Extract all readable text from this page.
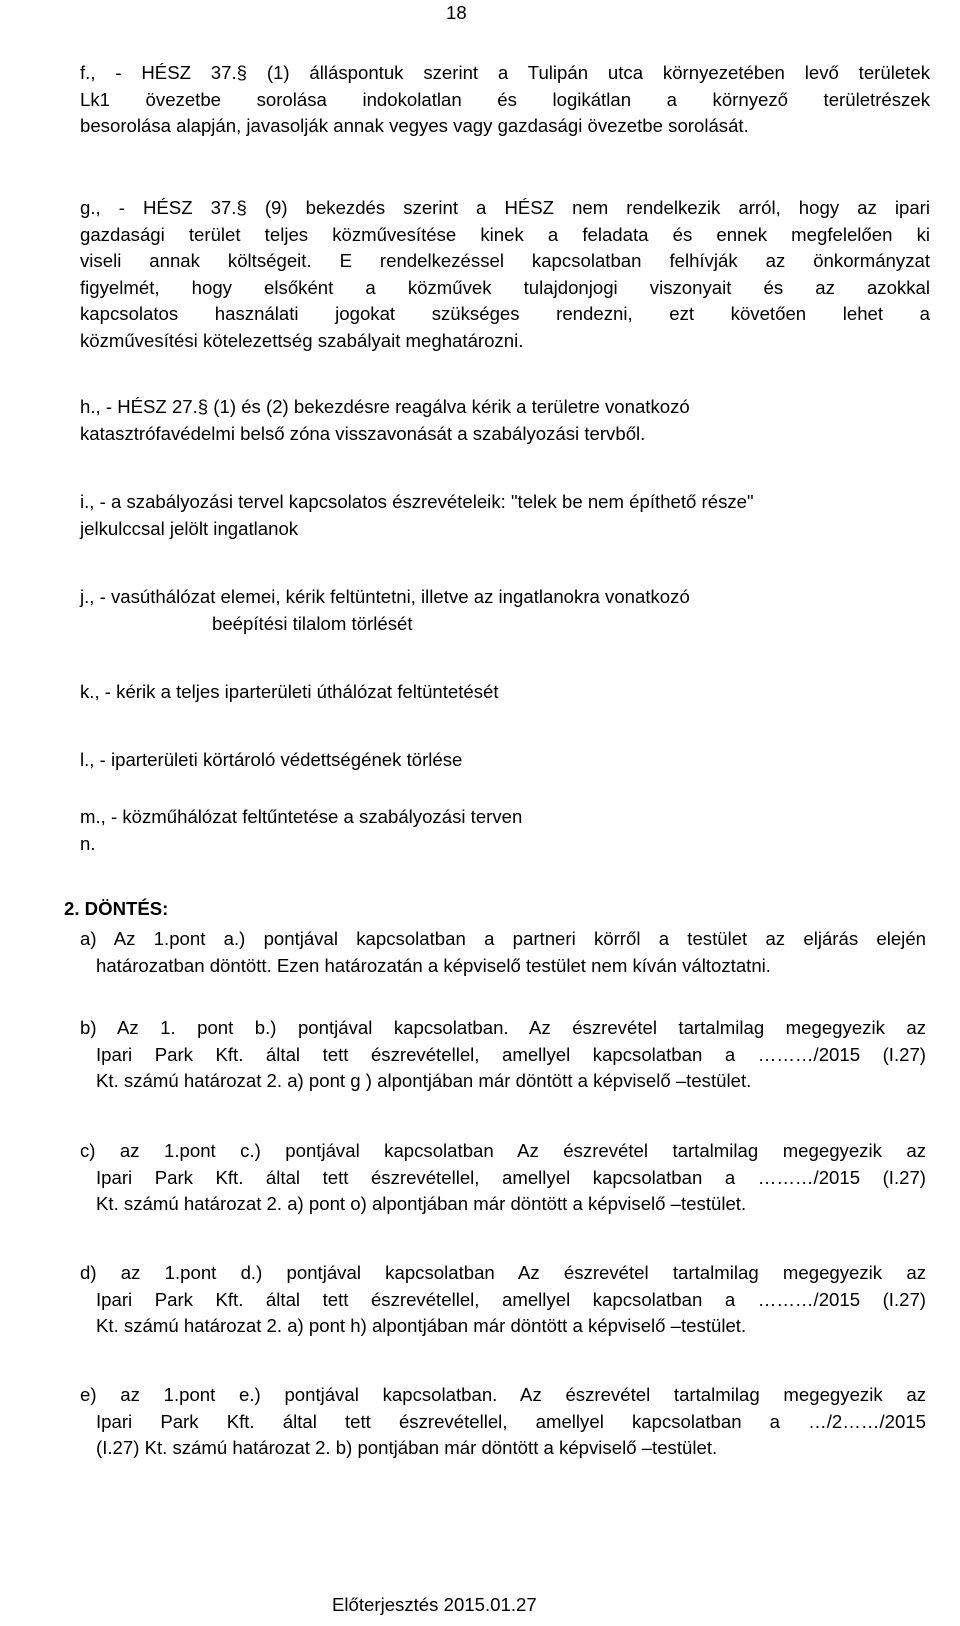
18
f., - HÉSZ 37.§ (1) álláspontuk szerint a Tulipán utca környezetében levő területek
Lk1 övezetbe sorolása indokolatlan és logikátlan a környező területrészek
besorolása alapján, javasolják annak vegyes vagy gazdasági övezetbe sorolását.
g., - HÉSZ 37.§ (9) bekezdés szerint a HÉSZ nem rendelkezik arról, hogy az ipari
gazdasági terület teljes közművesítése kinek a feladata és ennek megfelelően ki
viseli annak költségeit. E rendelkezéssel kapcsolatban felhívják az önkormányzat
figyelmét, hogy elsőként a közművek tulajdonjogi viszonyait és az azokkal
kapcsolatos használati jogokat szükséges rendezni, ezt követően lehet a
közművesítési kötelezettség szabályait meghatározni.
h., - HÉSZ 27.§ (1) és (2) bekezdésre reagálva kérik a területre vonatkozó
katasztrófavédelmi belső zóna visszavonását a szabályozási tervből.
i., - a szabályozási tervel kapcsolatos észrevételeik: "telek be nem építhető része"
jelkulccsal jelölt ingatlanok
j., - vasúthálózat elemei, kérik feltüntetni, illetve az ingatlanokra vonatkozó
beépítési tilalom törlését
k., - kérik a teljes iparterületi úthálózat feltüntetését
l., - iparterületi körtároló védettségének törlése
m., - közműhálózat feltűntetése a szabályozási terven
n.
2. DÖNTÉS:
a) Az 1.pont a.) pontjával kapcsolatban a partneri körről a testület az eljárás elején
határozatban döntött. Ezen határozatán a képviselő testület nem kíván változtatni.
b) Az 1. pont b.) pontjával kapcsolatban. Az észrevétel tartalmilag megegyezik az
Ipari Park Kft. által tett észrevétellel, amellyel kapcsolatban a ………/2015 (I.27)
Kt. számú határozat 2. a) pont g ) alpontjában már döntött a képviselő –testület.
c) az 1.pont c.) pontjával kapcsolatban Az észrevétel tartalmilag megegyezik az
Ipari Park Kft. által tett észrevétellel, amellyel kapcsolatban a ………/2015 (I.27)
Kt. számú határozat 2. a) pont o) alpontjában már döntött a képviselő –testület.
d) az 1.pont d.) pontjával kapcsolatban Az észrevétel tartalmilag megegyezik az
Ipari Park Kft. által tett észrevétellel, amellyel kapcsolatban a ………/2015 (I.27)
Kt. számú határozat 2. a) pont h) alpontjában már döntött a képviselő –testület.
e) az 1.pont e.) pontjával kapcsolatban. Az észrevétel tartalmilag megegyezik az
Ipari Park Kft. által tett észrevétellel, amellyel kapcsolatban a …/2……/2015
(I.27) Kt. számú határozat 2. b) pontjában már döntött a képviselő –testület.
Előterjesztés 2015.01.27
